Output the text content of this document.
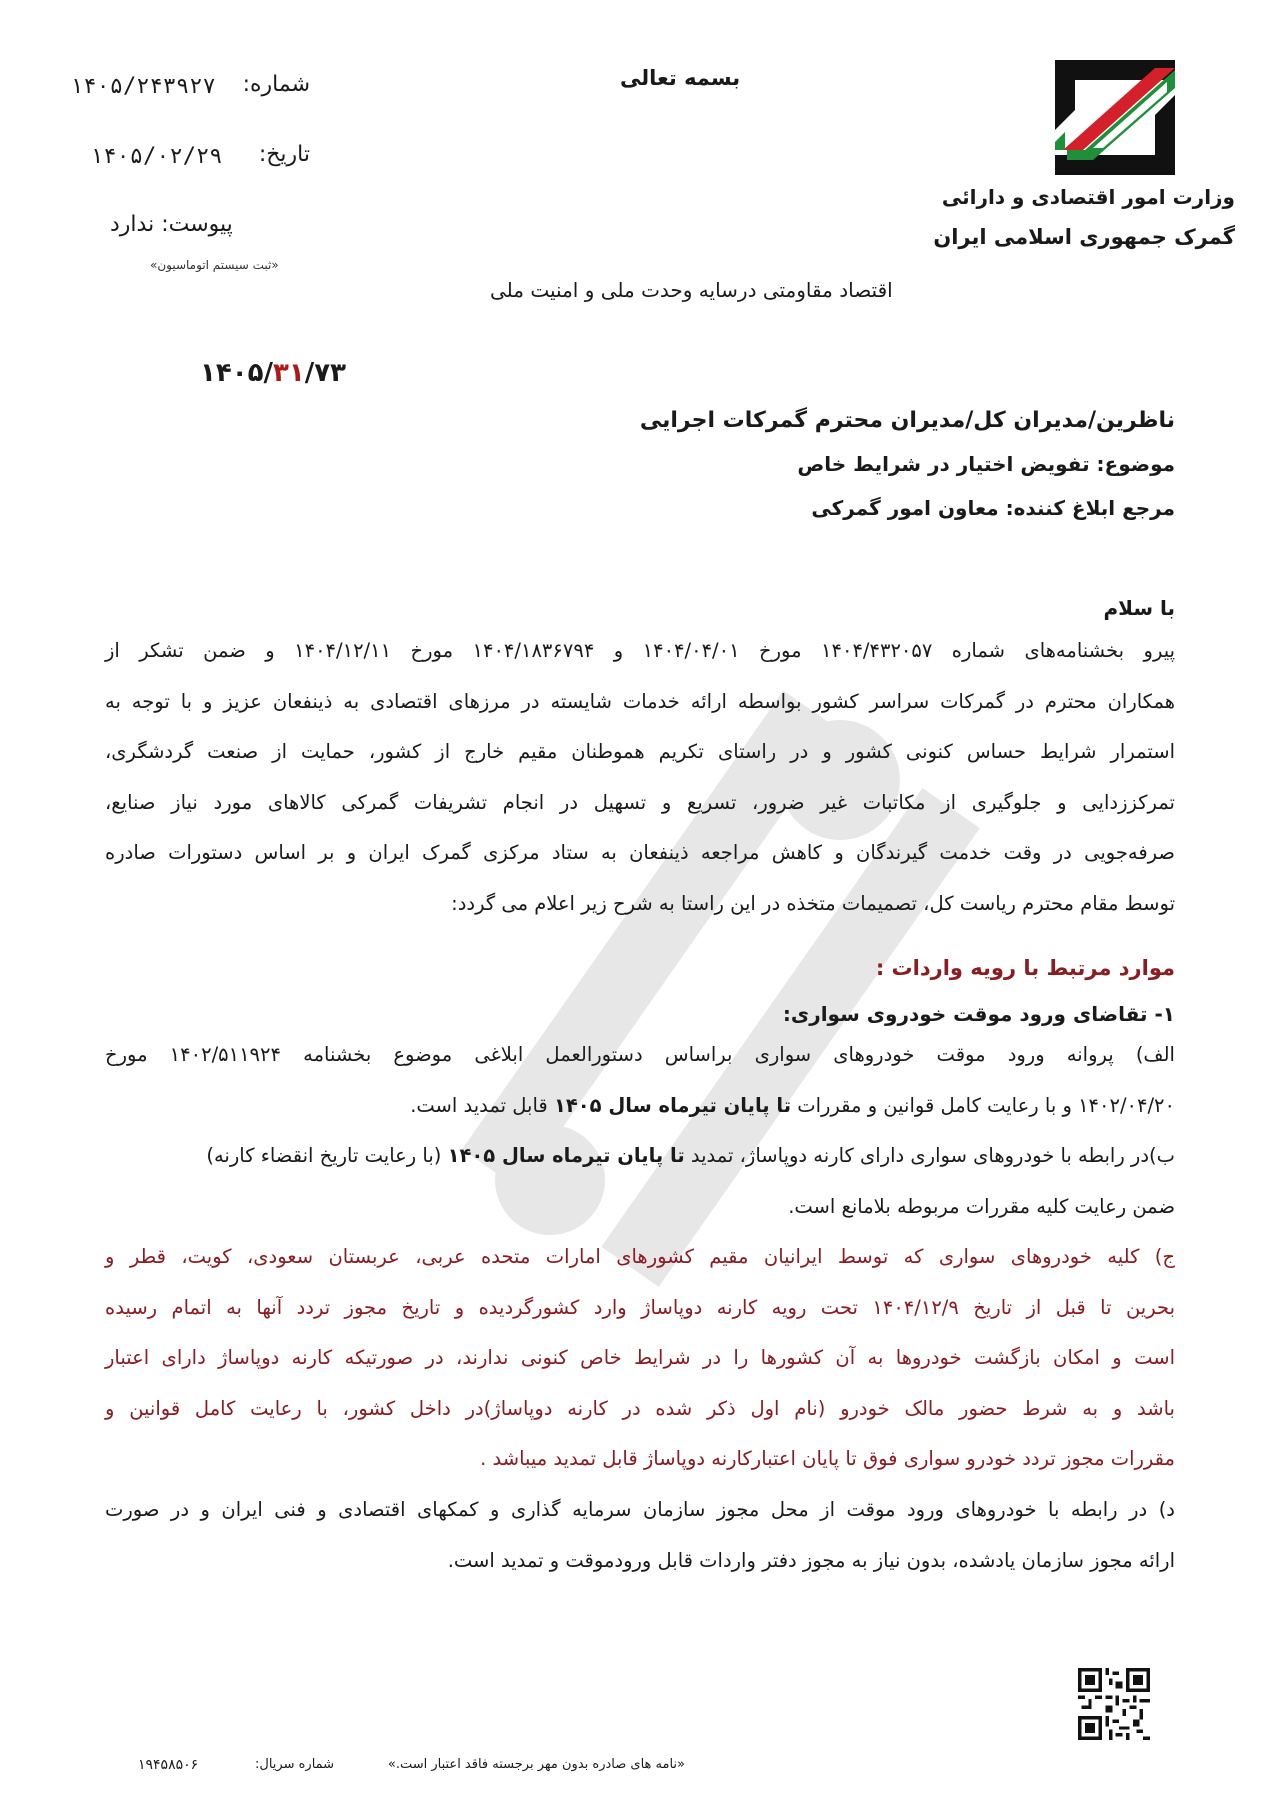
وزارت امور اقتصادی و دارائی
گمرک جمهوری اسلامی ایران
بسمه تعالی
شماره:
۱۴۰۵/۲۴۳۹۲۷
تاریخ:
۱۴۰۵/۰۲/۲۹
پیوست: ندارد
«ثبت سیستم اتوماسیون»
اقتصاد مقاومتی درسایه وحدت ملی و امنیت ملی
۱۴۰۵/۳۱/۷۳
ناظرین/مدیران کل/مدیران محترم گمرکات اجرایی
موضوع: تفویض اختیار در شرایط خاص
مرجع ابلاغ کننده: معاون امور گمرکی
با سلام
پیرو بخشنامه‌های شماره ۱۴۰۴/۴۳۲۰۵۷ مورخ ۱۴۰۴/۰۴/۰۱ و ۱۴۰۴/۱۸۳۶۷۹۴ مورخ ۱۴۰۴/۱۲/۱۱ و ضمن تشکر از
همکاران محترم در گمرکات سراسر کشور بواسطه ارائه خدمات شایسته در مرزهای اقتصادی به ذینفعان عزیز و با توجه به
استمرار شرایط حساس کنونی کشور و در راستای تکریم هموطنان مقیم خارج از کشور، حمایت از صنعت گردشگری،
تمرکززدایی و جلوگیری از مکاتبات غیر ضرور، تسریع و تسهیل در انجام تشریفات گمرکی کالاهای مورد نیاز صنایع،
صرفه‌جویی در وقت خدمت گیرندگان و کاهش مراجعه ذینفعان به ستاد مرکزی گمرک ایران و بر اساس دستورات صادره
توسط مقام محترم ریاست کل، تصمیمات متخذه در این راستا به شرح زیر اعلام می گردد:
موارد مرتبط با رویه واردات :
۱- تقاضای ورود موقت خودروی سواری:
الف) پروانه ورود موقت خودروهای سواری براساس دستورالعمل ابلاغی موضوع بخشنامه ۱۴۰۲/۵۱۱۹۲۴ مورخ
۱۴۰۲/۰۴/۲۰ و با رعایت کامل قوانین و مقررات تا پایان تیرماه سال ۱۴۰۵ قابل تمدید است.
ب)در رابطه با خودروهای سواری دارای کارنه دوپاساژ، تمدید تا پایان تیرماه سال ۱۴۰۵ (با رعایت تاریخ انقضاء کارنه)
ضمن رعایت کلیه مقررات مربوطه بلامانع است.
ج) کلیه خودروهای سواری که توسط ایرانیان مقیم کشورهای امارات متحده عربی، عربستان سعودی، کویت، قطر و
بحرین تا قبل از تاریخ ۱۴۰۴/۱۲/۹ تحت رویه کارنه دوپاساژ وارد کشورگردیده و تاریخ مجوز تردد آنها به اتمام رسیده
است و امکان بازگشت خودروها به آن کشورها را در شرایط خاص کنونی ندارند، در صورتیکه کارنه دوپاساژ دارای اعتبار
باشد و به شرط حضور مالک خودرو (نام اول ذکر شده در کارنه دوپاساژ)در داخل کشور، با رعایت کامل قوانین و
مقررات مجوز تردد خودرو سواری فوق تا پایان اعتبارکارنه دوپاساژ قابل تمدید میباشد .
د) در رابطه با خودروهای ورود موقت از محل مجوز سازمان سرمایه گذاری و کمکهای اقتصادی و فنی ایران و در صورت
ارائه مجوز سازمان یادشده، بدون نیاز به مجوز دفتر واردات قابل ورودموقت و تمدید است.
«نامه های صادره بدون مهر برجسته فاقد اعتبار است.»
شماره سریال:
۱۹۴۵۸۵۰۶
